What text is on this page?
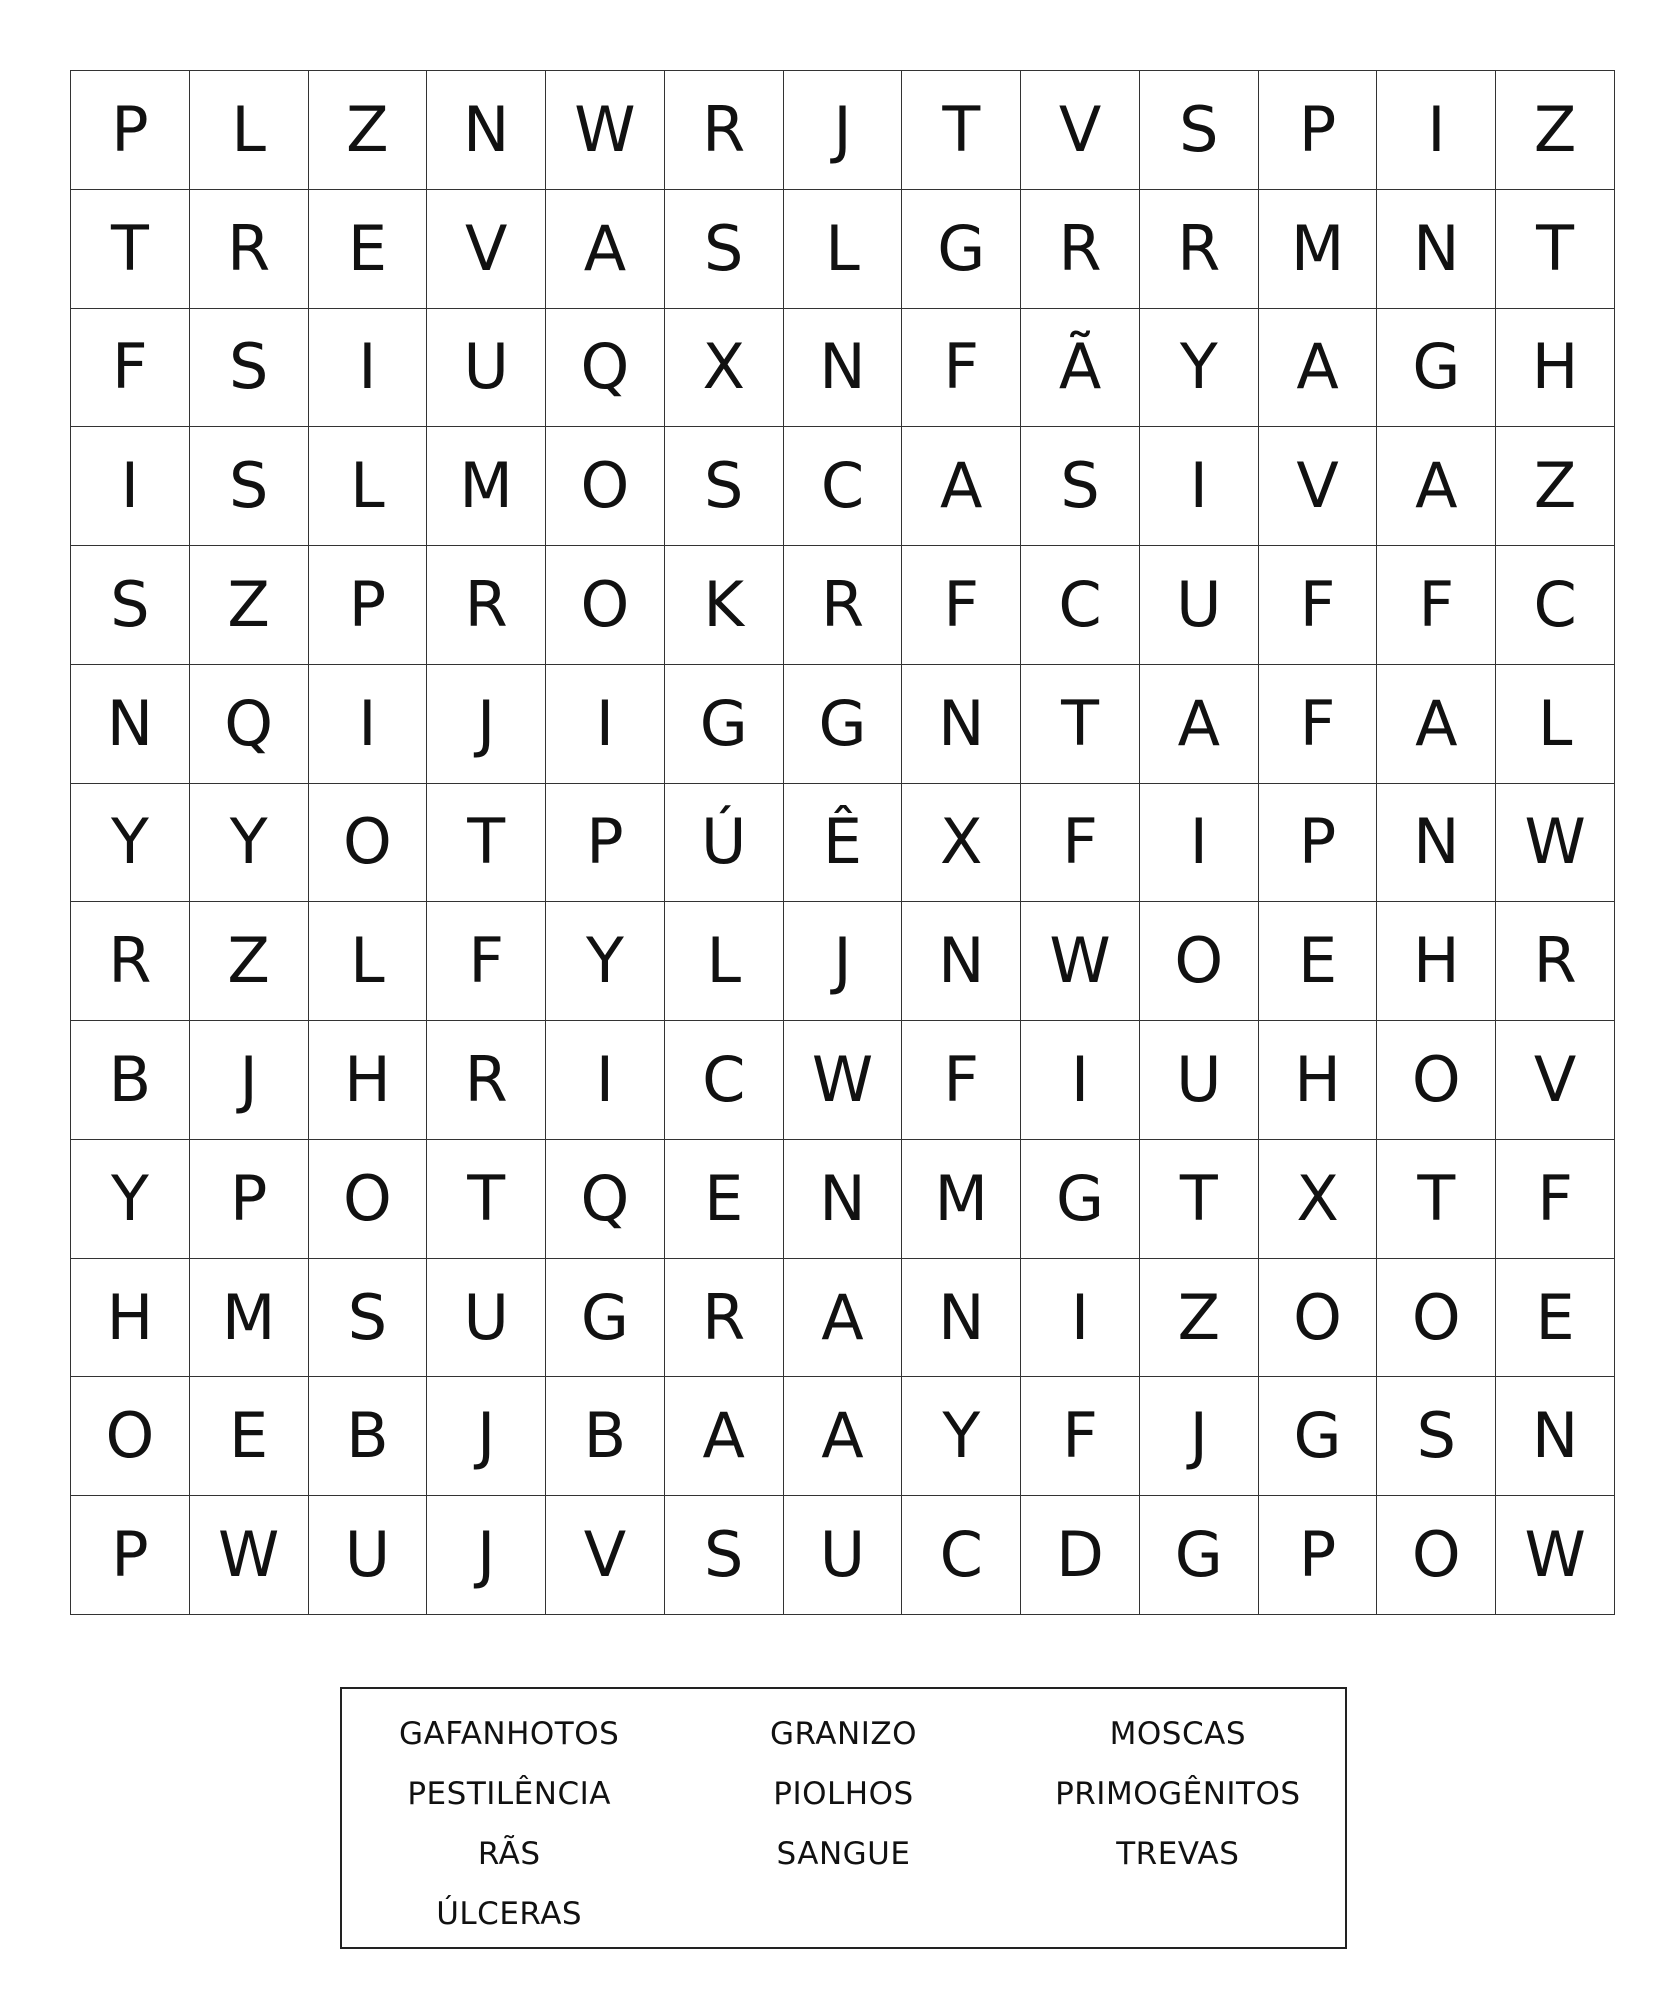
P	L	Z	N	W	R	J	T	V	S	P	I	Z
T	R	E	V	A	S	L	G	R	R	M	N	T
F	S	I	U	Q	X	N	F	Ã	Y	A	G	H
I	S	L	M	O	S	C	A	S	I	V	A	Z
S	Z	P	R	O	K	R	F	C	U	F	F	C
N	Q	I	J	I	G	G	N	T	A	F	A	L
Y	Y	O	T	P	Ú	Ê	X	F	I	P	N	W
R	Z	L	F	Y	L	J	N	W	O	E	H	R
B	J	H	R	I	C	W	F	I	U	H	O	V
Y	P	O	T	Q	E	N	M	G	T	X	T	F
H	M	S	U	G	R	A	N	I	Z	O	O	E
O	E	B	J	B	A	A	Y	F	J	G	S	N
P	W	U	J	V	S	U	C	D	G	P	O	W
GAFANHOTOS	GRANIZO	MOSCAS
PESTILÊNCIA	PIOLHOS	PRIMOGÊNITOS
RÃS	SANGUE	TREVAS
ÚLCERAS
